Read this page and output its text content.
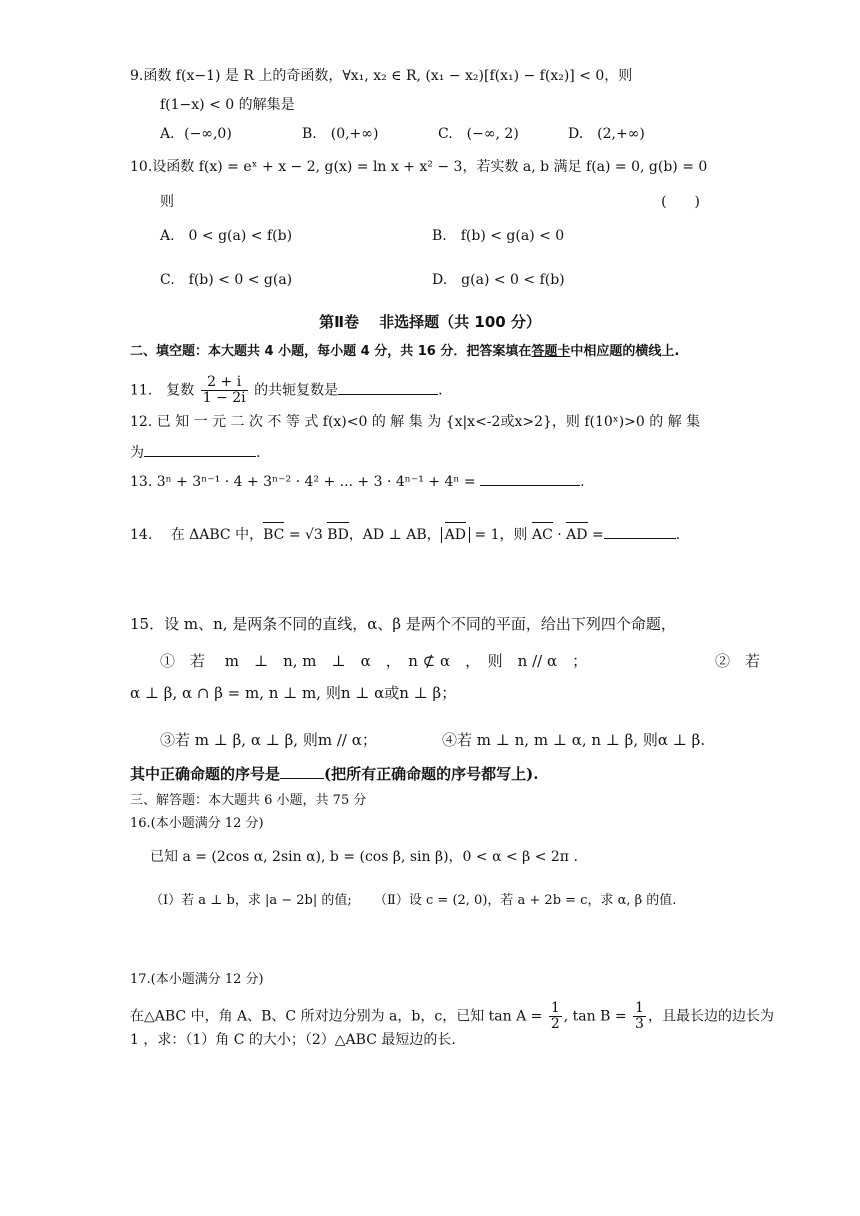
9.函数 f(x−1) 是 R 上的奇函数，∀x₁, x₂ ∈ R, (x₁ − x₂)[f(x₁) − f(x₂)] < 0，则
f(1−x) < 0 的解集是
A．(−∞,0)	B.　(0,+∞)	C.　(−∞, 2)	D.　(2,+∞)
10.设函数 f(x) = eˣ + x − 2, g(x) = ln x + x² − 3，若实数 a, b 满足 f(a) = 0, g(b) = 0
则	(　　)
A.　0 < g(a) < f(b)	B.　f(b) < g(a) < 0
C.　f(b) < 0 < g(a)	D.　g(a) < 0 < f(b)
第Ⅱ卷　 非选择题（共 100 分）
二、填空题：本大题共 4 小题，每小题 4 分，共 16 分．把答案填在答题卡中相应题的横线上.
11.　复数 $\frac{2 + i}{1 - 2i}$ 的共轭复数是	.
12. 已 知 一 元 二 次 不 等 式 f(x)<0 的 解 集 为 {x|x<-2或x>2}，则 f(10ˣ)>0 的 解 集
为	.
13. 3ⁿ + 3ⁿ⁻¹ · 4 + 3ⁿ⁻² · 4² + ... + 3 · 4ⁿ⁻¹ + 4ⁿ =	.
14.　 在 ΔABC 中，BC = √3 BD，AD ⊥ AB， AD = 1，则 AC · AD =	.
15．设 m、n, 是两条不同的直线，α、β 是两个不同的平面，给出下列四个命题，
①　若　 m　⊥　n, m　⊥　α　，　n ⊄ α　，　则　n // α　；	②　若
α ⊥ β, α ∩ β = m, n ⊥ m, 则n ⊥ α或n ⊥ β；
③若 m ⊥ β, α ⊥ β, 则m // α；	④若 m ⊥ n, m ⊥ α, n ⊥ β, 则α ⊥ β.
其中正确命题的序号是	(把所有正确命题的序号都写上).
三、解答题：本大题共 6 小题，共 75 分
16.(本小题满分 12 分)
已知 a = (2cos α, 2sin α), b = (cos β, sin β)，0 < α < β < 2π .
（Ⅰ）若 a ⊥ b，求 |a − 2b| 的值; （Ⅱ）设 c = (2, 0)，若 a + 2b = c，求 α, β 的值.
17.(本小题满分 12 分)
在△ABC 中，角 A、B、C 所对边分别为 a，b，c，已知 $\tan A = \frac{1}{2}$ , $\tan B = \frac{1}{3}$ ，且最长边的边长为
1 ，求：（1）角 C 的大小；（2）△ABC 最短边的长.
